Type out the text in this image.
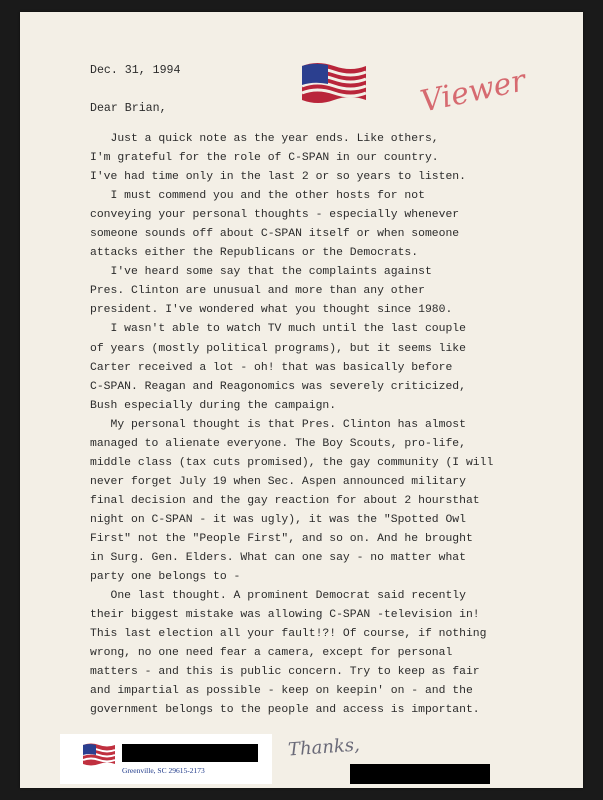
Dec. 31, 1994	Viewer
Dear Brian,
Just a quick note as the year ends. Like others,
I'm grateful for the role of C-SPAN in our country.
I've had time only in the last 2 or so years to listen.
I must commend you and the other hosts for not
conveying your personal thoughts - especially whenever
someone sounds off about C-SPAN itself or when someone
attacks either the Republicans or the Democrats.
I've heard some say that the complaints against
Pres. Clinton are unusual and more than any other
president. I've wondered what you thought since 1980.
I wasn't able to watch TV much until the last couple
of years (mostly political programs), but it seems like
Carter received a lot - oh! that was basically before
C-SPAN. Reagan and Reagonomics was severely criticized,
Bush especially during the campaign.
My personal thought is that Pres. Clinton has almost
managed to alienate everyone. The Boy Scouts, pro-life,
middle class (tax cuts promised), the gay community (I will
never forget July 19 when Sec. Aspen announced military
final decision and the gay reaction for about 2 hoursthat
night on C-SPAN - it was ugly), it was the "Spotted Owl
First" not the "People First", and so on. And he brought
in Surg. Gen. Elders. What can one say - no matter what
party one belongs to -
One last thought. A prominent Democrat said recently
their biggest mistake was allowing C-SPAN -television in!
This last election all your fault!?! Of course, if nothing
wrong, no one need fear a camera, except for personal
matters - and this is public concern. Try to keep as fair
and impartial as possible - keep on keepin' on - and the
government belongs to the people and access is important.
Greenville, SC 29615-2173
Thanks,
